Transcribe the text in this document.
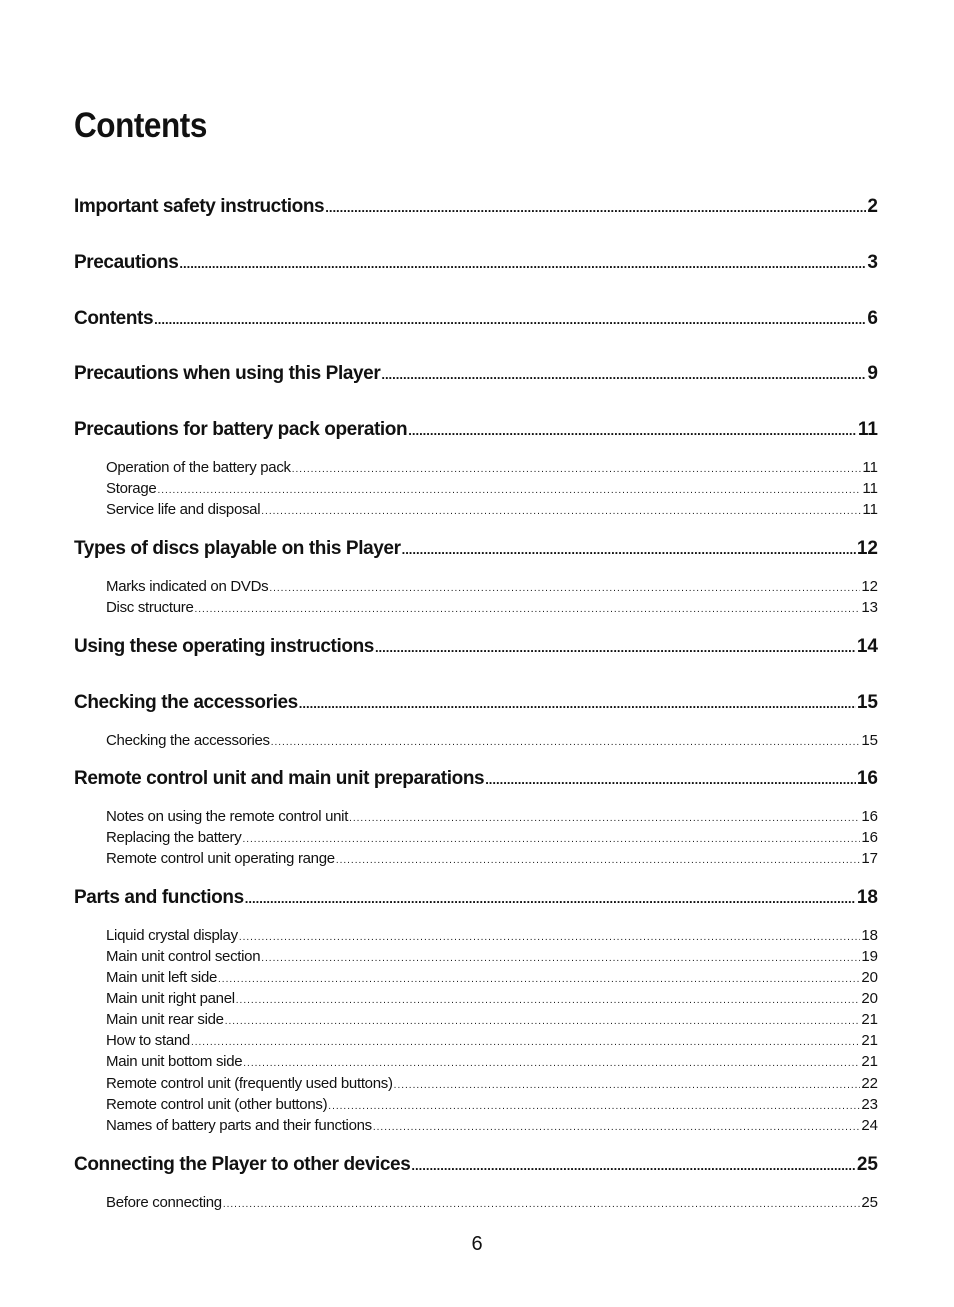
Contents
Important safety instructions .....	2
Precautions .....	3
Contents .....	6
Precautions when using this Player .....	9
Precautions for battery pack operation .....	11
Operation of the battery pack .....	11
Storage .....	11
Service life and disposal .....	11
Types of discs playable on this Player .....	12
Marks indicated on DVDs .....	12
Disc structure .....	13
Using these operating instructions .....	14
Checking the accessories .....	15
Checking the accessories .....	15
Remote control unit and main unit preparations .....	16
Notes on using the remote control unit .....	16
Replacing the battery .....	16
Remote control unit operating range .....	17
Parts and functions .....	18
Liquid crystal display .....	18
Main unit control section .....	19
Main unit left side .....	20
Main unit right panel .....	20
Main unit rear side .....	21
How to stand .....	21
Main unit bottom side .....	21
Remote control unit (frequently used buttons) .....	22
Remote control unit (other buttons) .....	23
Names of battery parts and their functions .....	24
Connecting the Player to other devices .....	25
Before connecting .....	25
6
